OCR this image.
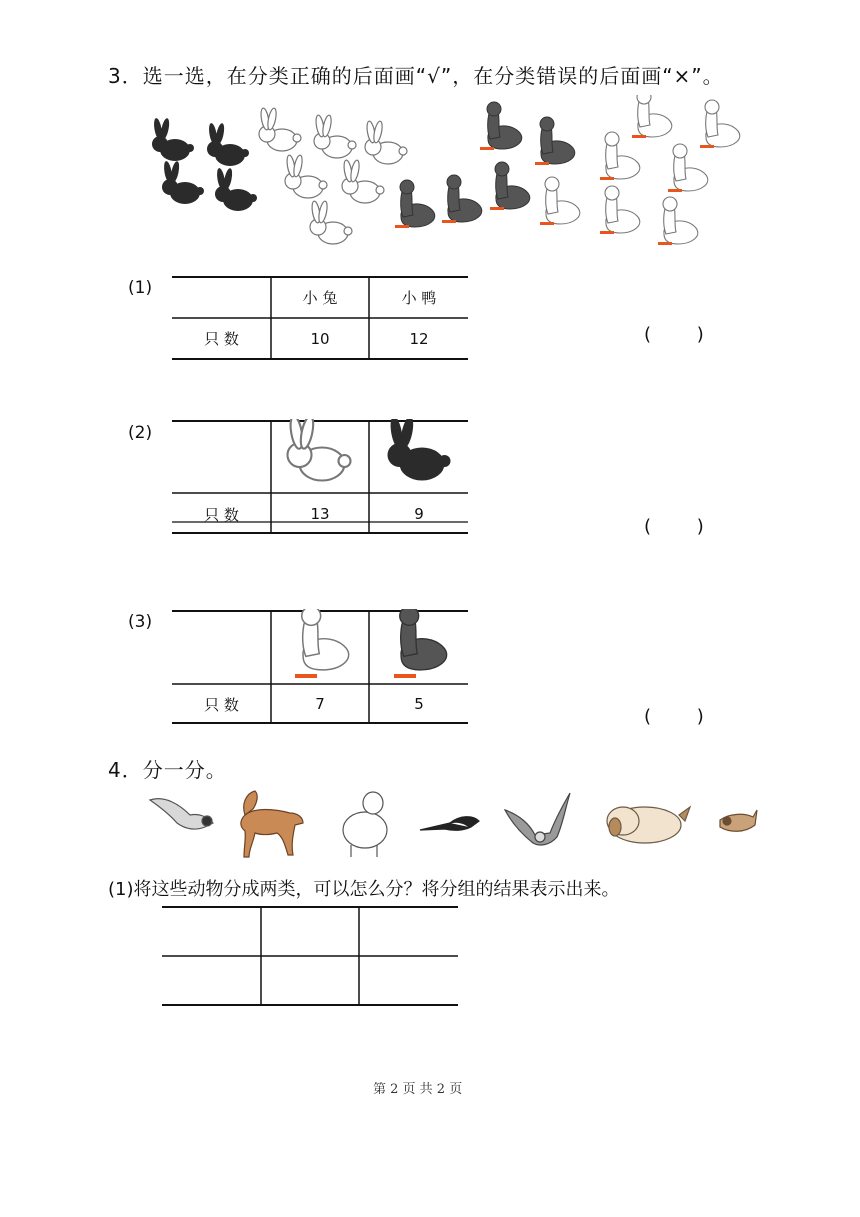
3．选一选，在分类正确的后面画“√”，在分类错误的后面画“×”。
(1)	小 兔	小 鸭
只 数	10	12	(        )
(2)
只 数	13	9
(        )
(3)
只 数	7	5
(        )
4．分一分。
(1)将这些动物分成两类，可以怎么分？将分组的结果表示出来。
第 2 页 共 2 页
